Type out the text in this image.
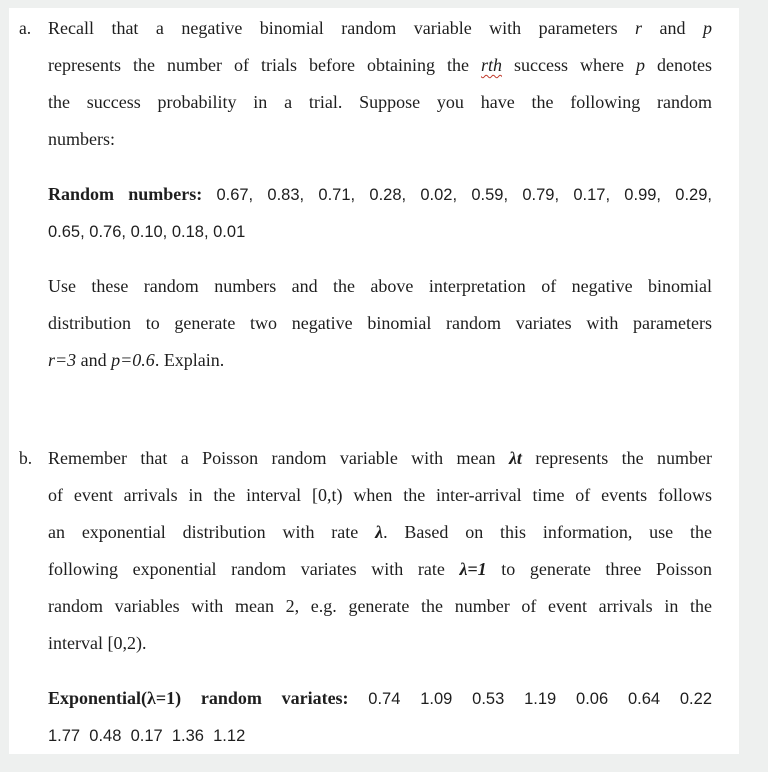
a. Recall that a negative binomial random variable with parameters r and p
represents the number of trials before obtaining the rth success where p denotes
the success probability in a trial. Suppose you have the following random
numbers:
Random numbers: 0.67, 0.83, 0.71, 0.28, 0.02, 0.59, 0.79, 0.17, 0.99, 0.29,
0.65, 0.76, 0.10, 0.18, 0.01
Use these random numbers and the above interpretation of negative binomial
distribution to generate two negative binomial random variates with parameters
r=3 and p=0.6. Explain.
b. Remember that a Poisson random variable with mean λt represents the number
of event arrivals in the interval [0,t) when the inter-arrival time of events follows
an exponential distribution with rate λ. Based on this information, use the
following exponential random variates with rate λ=1 to generate three Poisson
random variables with mean 2, e.g. generate the number of event arrivals in the
interval [0,2).
Exponential(λ=1) random variates: 0.74 1.09 0.53 1.19 0.06 0.64 0.22
1.77  0.48  0.17  1.36  1.12
